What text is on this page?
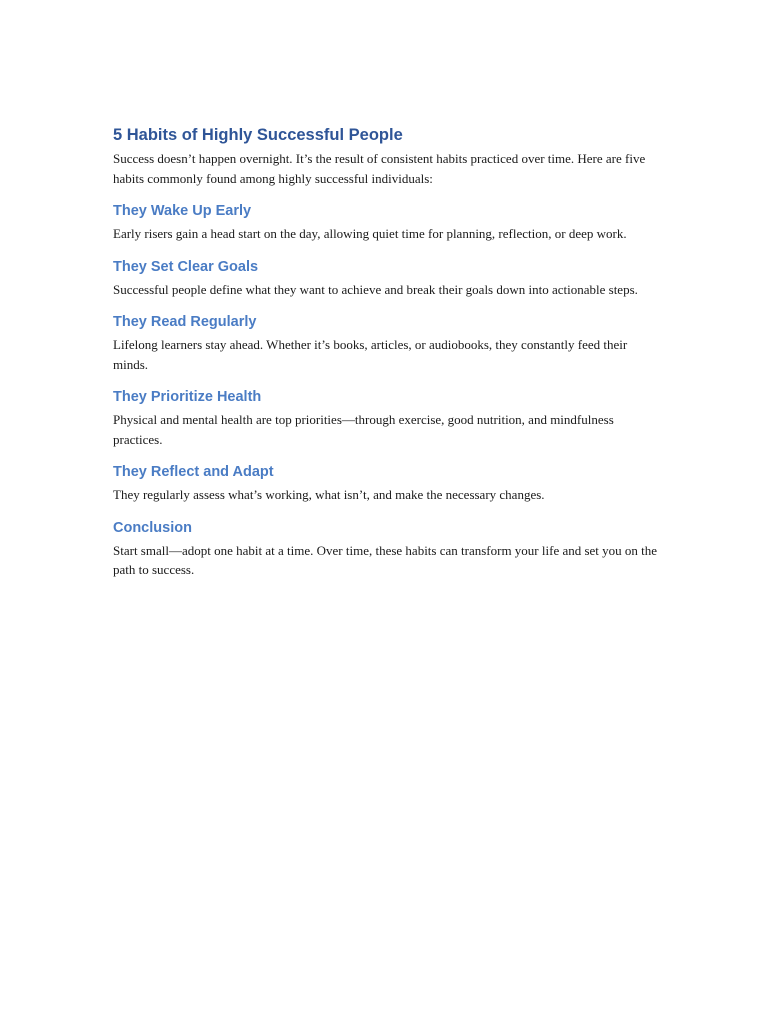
5 Habits of Highly Successful People

Success doesn’t happen overnight. It’s the result of consistent habits practiced over time. Here are five habits commonly found among highly successful individuals:

They Wake Up Early

Early risers gain a head start on the day, allowing quiet time for planning, reflection, or deep work.

They Set Clear Goals

Successful people define what they want to achieve and break their goals down into actionable steps.

They Read Regularly

Lifelong learners stay ahead. Whether it’s books, articles, or audiobooks, they constantly feed their minds.

They Prioritize Health

Physical and mental health are top priorities—through exercise, good nutrition, and mindfulness practices.

They Reflect and Adapt

They regularly assess what’s working, what isn’t, and make the necessary changes.

Conclusion

Start small—adopt one habit at a time. Over time, these habits can transform your life and set you on the path to success.
